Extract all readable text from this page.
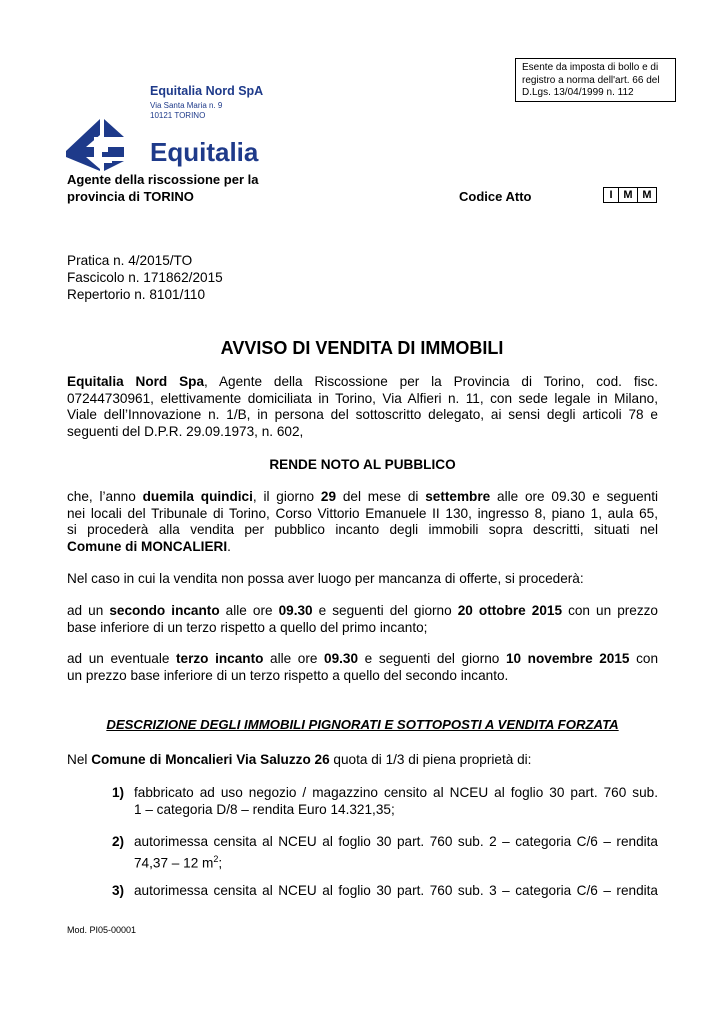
Esente da imposta di bollo e di
registro a norma dell'art. 66 del
D.Lgs. 13/04/1999 n. 112
Equitalia Nord SpA
Via Santa Maria n. 9
10121 TORINO
Equitalia
Agente della riscossione per la
provincia di TORINO	Codice Atto	I M M
Pratica n. 4/2015/TO
Fascicolo n. 171862/2015
Repertorio n. 8101/110
AVVISO DI VENDITA DI IMMOBILI
Equitalia Nord Spa, Agente della Riscossione per la Provincia di Torino, cod. fisc.
07244730961, elettivamente domiciliata in Torino, Via Alfieri n. 11, con sede legale in Milano,
Viale dell’Innovazione n. 1/B, in persona del sottoscritto delegato, ai sensi degli articoli 78 e
seguenti del D.P.R. 29.09.1973, n. 602,
RENDE NOTO AL PUBBLICO
che, l’anno duemila quindici, il giorno 29 del mese di settembre alle ore 09.30 e seguenti
nei locali del Tribunale di Torino, Corso Vittorio Emanuele II 130, ingresso 8, piano 1, aula 65,
si procederà alla vendita per pubblico incanto degli immobili sopra descritti, situati nel
Comune di MONCALIERI.
Nel caso in cui la vendita non possa aver luogo per mancanza di offerte, si procederà:
ad un secondo incanto alle ore 09.30 e seguenti del giorno 20 ottobre 2015 con un prezzo
base inferiore di un terzo rispetto a quello del primo incanto;
ad un eventuale terzo incanto alle ore 09.30 e seguenti del giorno 10 novembre 2015 con
un prezzo base inferiore di un terzo rispetto a quello del secondo incanto.
DESCRIZIONE DEGLI IMMOBILI PIGNORATI E SOTTOPOSTI A VENDITA FORZATA
Nel Comune di Moncalieri Via Saluzzo 26 quota di 1/3 di piena proprietà di:
1) fabbricato ad uso negozio / magazzino censito al NCEU al foglio 30 part. 760 sub.
1 – categoria D/8 – rendita Euro 14.321,35;
2) autorimessa censita al NCEU al foglio 30 part. 760 sub. 2 – categoria C/6 – rendita
74,37 – 12 $m^2$;
3) autorimessa censita al NCEU al foglio 30 part. 760 sub. 3 – categoria C/6 – rendita
Mod. PI05-00001
